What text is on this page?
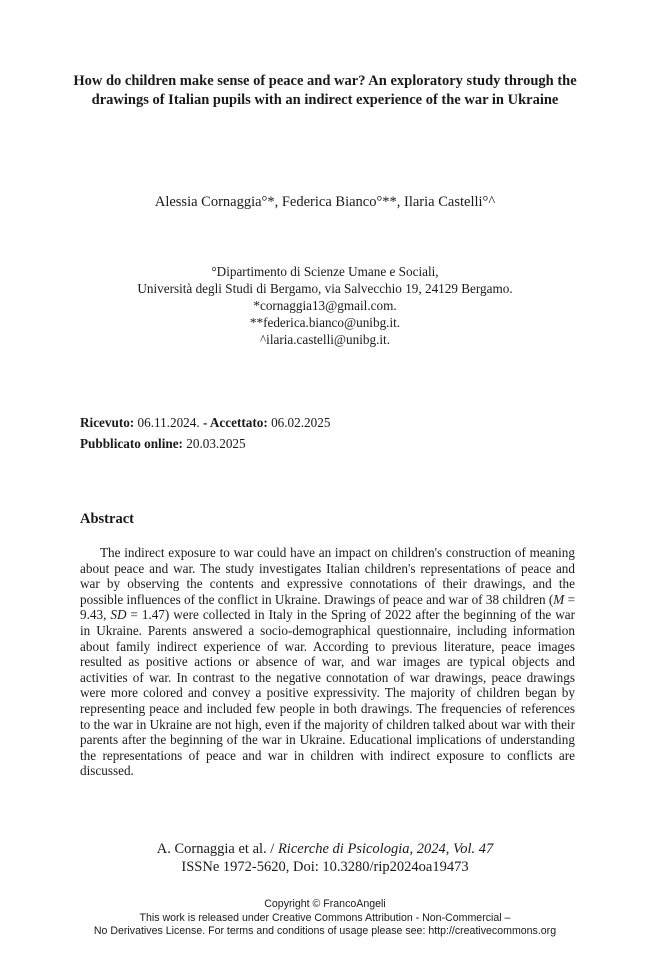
How do children make sense of peace and war? An exploratory study through the drawings of Italian pupils with an indirect experience of the war in Ukraine
Alessia Cornaggia°*, Federica Bianco°**, Ilaria Castelli°^
°Dipartimento di Scienze Umane e Sociali,
Università degli Studi di Bergamo, via Salvecchio 19, 24129 Bergamo.
*cornaggia13@gmail.com.
**federica.bianco@unibg.it.
^ilaria.castelli@unibg.it.
Ricevuto: 06.11.2024. - Accettato: 06.02.2025
Pubblicato online: 20.03.2025
Abstract
The indirect exposure to war could have an impact on children's construction of meaning about peace and war. The study investigates Italian children's representations of peace and war by observing the contents and expressive connotations of their drawings, and the possible influences of the conflict in Ukraine. Drawings of peace and war of 38 children (M = 9.43, SD = 1.47) were collected in Italy in the Spring of 2022 after the beginning of the war in Ukraine. Parents answered a socio-demographical questionnaire, including information about family indirect experience of war. According to previous literature, peace images resulted as positive actions or absence of war, and war images are typical objects and activities of war. In contrast to the negative connotation of war drawings, peace drawings were more colored and convey a positive expressivity. The majority of children began by representing peace and included few people in both drawings. The frequencies of references to the war in Ukraine are not high, even if the majority of children talked about war with their parents after the beginning of the war in Ukraine. Educational implications of understanding the representations of peace and war in children with indirect exposure to conflicts are discussed.
A. Cornaggia et al. / Ricerche di Psicologia, 2024, Vol. 47
ISSNe 1972-5620, Doi: 10.3280/rip2024oa19473
Copyright © FrancoAngeli
This work is released under Creative Commons Attribution - Non-Commercial –
No Derivatives License. For terms and conditions of usage please see: http://creativecommons.org
